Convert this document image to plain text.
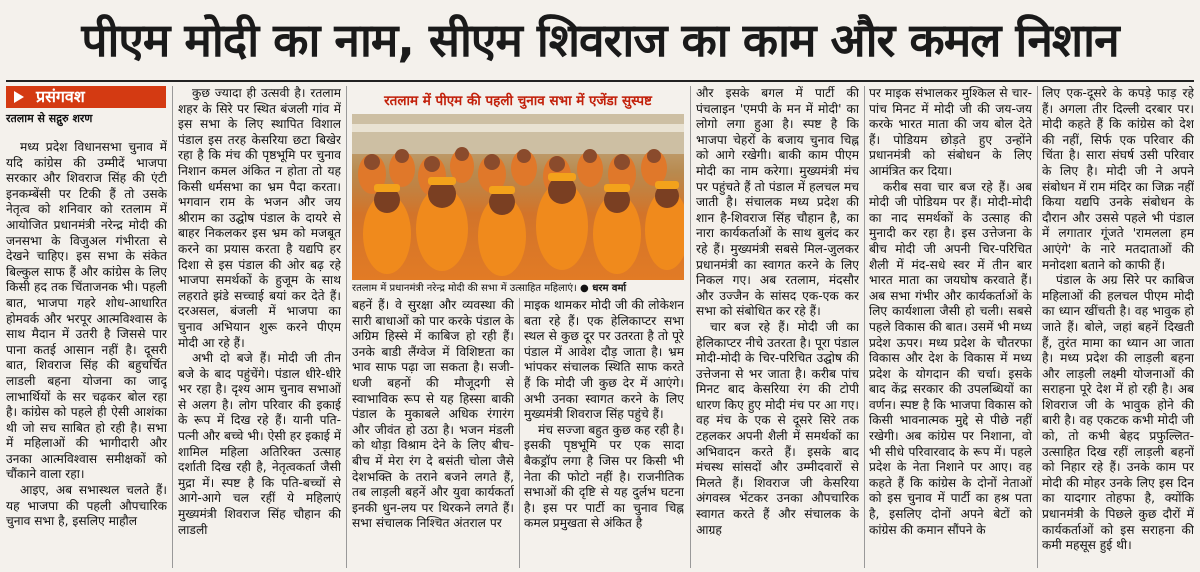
पीएम मोदी का नाम, सीएम शिवराज का काम और कमल निशान
प्रसंगवश
रतलाम से सद्गुरु शरण

मध्य प्रदेश विधानसभा चुनाव में यदि कांग्रेस की उम्मीदें भाजपा सरकार और शिवराज सिंह की एंटी इनकम्बेंसी पर टिकी हैं तो उसके नेतृत्व को शनिवार को रतलाम में आयोजित प्रधानमंत्री नरेन्द्र मोदी की जनसभा के विजुअल गंभीरता से देखने चाहिए। इस सभा के संकेत बिल्कुल साफ हैं और कांग्रेस के लिए किसी हद तक चिंताजनक भी। पहली बात, भाजपा गहरे शोध-आधारित होमवर्क और भरपूर आत्मविश्वास के साथ मैदान में उतरी है जिससे पार पाना कतई आसान नहीं है। दूसरी बात, शिवराज सिंह की बहुचर्चित लाडली बहना योजना का जादू लाभार्थियों के सर चढ़कर बोल रहा है। कांग्रेस को पहले ही ऐसी आशंका थी जो सच साबित हो रही है। सभा में महिलाओं की भागीदारी और उनका आत्मविश्वास समीक्षकों को चौंकाने वाला रहा।

आइए, अब सभास्थल चलते हैं। यह भाजपा की पहली औपचारिक चुनाव सभा है, इसलिए माहौल

कुछ ज्यादा ही उत्सवी है। रतलाम शहर के सिरे पर स्थित बंजली गांव में इस सभा के लिए स्थापित विशाल पंडाल इस तरह केसरिया छटा बिखेर रहा है कि मंच की पृष्ठभूमि पर चुनाव निशान कमल अंकित न होता तो यह किसी धर्मसभा का भ्रम पैदा करता। भगवान राम के भजन और जय श्रीराम का उद्घोष पंडाल के दायरे से बाहर निकलकर इस भ्रम को मजबूत करने का प्रयास करता है यद्यपि हर दिशा से इस पंडाल की ओर बढ़ रहे भाजपा समर्थकों के हुजूम के साथ लहराते झंडे सच्चाई बयां कर देते हैं। दरअसल, बंजली में भाजपा का चुनाव अभियान शुरू करने पीएम मोदी आ रहे हैं।

अभी दो बजे हैं। मोदी जी तीन बजे के बाद पहुंचेंगे। पंडाल धीरे-धीरे भर रहा है। दृश्य आम चुनाव सभाओं से अलग है। लोग परिवार की इकाई के रूप में दिख रहे हैं। यानी पति-पत्नी और बच्चे भी। ऐसी हर इकाई में शामिल महिला अतिरिक्त उत्साह दर्शाती दिख रही है, नेतृत्वकर्ता जैसी मुद्रा में। स्पष्ट है कि पति-बच्चों से आगे-आगे चल रहीं ये महिलाएं मुख्यमंत्री शिवराज सिंह चौहान की लाडली

रतलाम में पीएम की पहली चुनाव सभा में एजेंडा सुस्पष्ट
रतलाम में प्रधानमंत्री नरेन्द्र मोदी की सभा में उत्साहित महिलाएं। ● धरम वर्मा

बहनें हैं। वे सुरक्षा और व्यवस्था की सारी बाधाओं को पार करके पंडाल के अग्रिम हिस्से में काबिज हो रही हैं। उनके बाडी लैंग्वेज में विशिष्टता का भाव साफ पढ़ा जा सकता है। सजी-धजी बहनों की मौजूदगी से स्वाभाविक रूप से यह हिस्सा बाकी पंडाल के मुकाबले अधिक रंगारंग और जीवंत हो उठा है। भजन मंडली को थोड़ा विश्राम देने के लिए बीच-बीच में मेरा रंग दे बसंती चोला जैसे देशभक्ति के तराने बजने लगते हैं, तब लाड़ली बहनें और युवा कार्यकर्ता इनकी धुन-लय पर थिरकने लगते हैं। सभा संचालक निश्चित अंतराल पर

माइक थामकर मोदी जी की लोकेशन बता रहे हैं। एक हेलिकाप्टर सभा स्थल से कुछ दूर पर उतरता है तो पूरे पंडाल में आवेश दौड़ जाता है। भ्रम भांपकर संचालक स्थिति साफ करते हैं कि मोदी जी कुछ देर में आएंगे। अभी उनका स्वागत करने के लिए मुख्यमंत्री शिवराज सिंह पहुंचे हैं।

मंच सज्जा बहुत कुछ कह रही है। इसकी पृष्ठभूमि पर एक सादा बैकड्रॉप लगा है जिस पर किसी भी नेता की फोटो नहीं है। राजनीतिक सभाओं की दृष्टि से यह दुर्लभ घटना है। इस पर पार्टी का चुनाव चिह्न कमल प्रमुखता से अंकित है

और इसके बगल में पार्टी की पंचलाइन 'एमपी के मन में मोदी' का लोगो लगा हुआ है। स्पष्ट है कि भाजपा चेहरों के बजाय चुनाव चिह्न को आगे रखेगी। बाकी काम पीएम मोदी का नाम करेगा। मुख्यमंत्री मंच पर पहुंचते हैं तो पंडाल में हलचल मच जाती है। संचालक मध्य प्रदेश की शान है-शिवराज सिंह चौहान है, का नारा कार्यकर्ताओं के साथ बुलंद कर रहे हैं। मुख्यमंत्री सबसे मिल-जुलकर प्रधानमंत्री का स्वागत करने के लिए निकल गए। अब रतलाम, मंदसौर और उज्जैन के सांसद एक-एक कर सभा को संबोधित कर रहे हैं।

चार बज रहे हैं। मोदी जी का हेलिकाप्टर नीचे उतरता है। पूरा पंडाल मोदी-मोदी के चिर-परिचित उद्घोष की उत्तेजना से भर जाता है। करीब पांच मिनट बाद केसरिया रंग की टोपी धारण किए हुए मोदी मंच पर आ गए। वह मंच के एक से दूसरे सिरे तक टहलकर अपनी शैली में समर्थकों का अभिवादन करते हैं। इसके बाद मंचस्थ सांसदों और उम्मीदवारों से मिलते हैं। शिवराज जी केसरिया अंगवस्त्र भेंटकर उनका औपचारिक स्वागत करते हैं और संचालक के आग्रह

पर माइक संभालकर मुश्किल से चार-पांच मिनट में मोदी जी की जय-जय करके भारत माता की जय बोल देते हैं। पोडियम छोड़ते हुए उन्होंने प्रधानमंत्री को संबोधन के लिए आमंत्रित कर दिया।

करीब सवा चार बज रहे हैं। अब मोदी जी पोडियम पर हैं। मोदी-मोदी का नाद समर्थकों के उत्साह की मुनादी कर रहा है। इस उत्तेजना के बीच मोदी जी अपनी चिर-परिचित शैली में मंद-सधे स्वर में तीन बार भारत माता का जयघोष करवाते हैं। अब सभा गंभीर और कार्यकर्ताओं के लिए कार्यशाला जैसी हो चली। सबसे पहले विकास की बात। उसमें भी मध्य प्रदेश ऊपर। मध्य प्रदेश के चौतरफा विकास और देश के विकास में मध्य प्रदेश के योगदान की चर्चा। इसके बाद केंद्र सरकार की उपलब्धियों का वर्णन। स्पष्ट है कि भाजपा विकास को किसी भावनात्मक मुद्दे से पीछे नहीं रखेगी। अब कांग्रेस पर निशाना, वो भी सीधे परिवारवाद के रूप में। पहले प्रदेश के नेता निशाने पर आए। वह कहते हैं कि कांग्रेस के दोनों नेताओं को इस चुनाव में पार्टी का हश्र पता है, इसलिए दोनों अपने बेटों को कांग्रेस की कमान सौंपने के

लिए एक-दूसरे के कपड़े फाड़ रहे हैं। अगला तीर दिल्ली दरबार पर। मोदी कहते हैं कि कांग्रेस को देश की नहीं, सिर्फ एक परिवार की चिंता है। सारा संघर्ष उसी परिवार के लिए है। मोदी जी ने अपने संबोधन में राम मंदिर का जिक्र नहीं किया यद्यपि उनके संबोधन के दौरान और उससे पहले भी पंडाल में लगातार गूंजते 'रामलला हम आएंगे' के नारे मतदाताओं की मनोदशा बताने को काफी हैं।

पंडाल के अग्र सिरे पर काबिज महिलाओं की हलचल पीएम मोदी का ध्यान खींचती है। वह भावुक हो जाते हैं। बोले, जहां बहनें दिखती हैं, तुरंत मामा का ध्यान आ जाता है। मध्य प्रदेश की लाड़ली बहना और लाड़ली लक्ष्मी योजनाओं की सराहना पूरे देश में हो रही है। अब शिवराज जी के भावुक होने की बारी है। वह एकटक कभी मोदी जी को, तो कभी बेहद प्रफुल्लित-उत्साहित दिख रहीं लाड़ली बहनों को निहार रहे हैं। उनके काम पर मोदी की मोहर उनके लिए इस दिन का यादगार तोहफा है, क्योंकि प्रधानमंत्री के पिछले कुछ दौरों में कार्यकर्ताओं को इस सराहना की कमी महसूस हुई थी।
